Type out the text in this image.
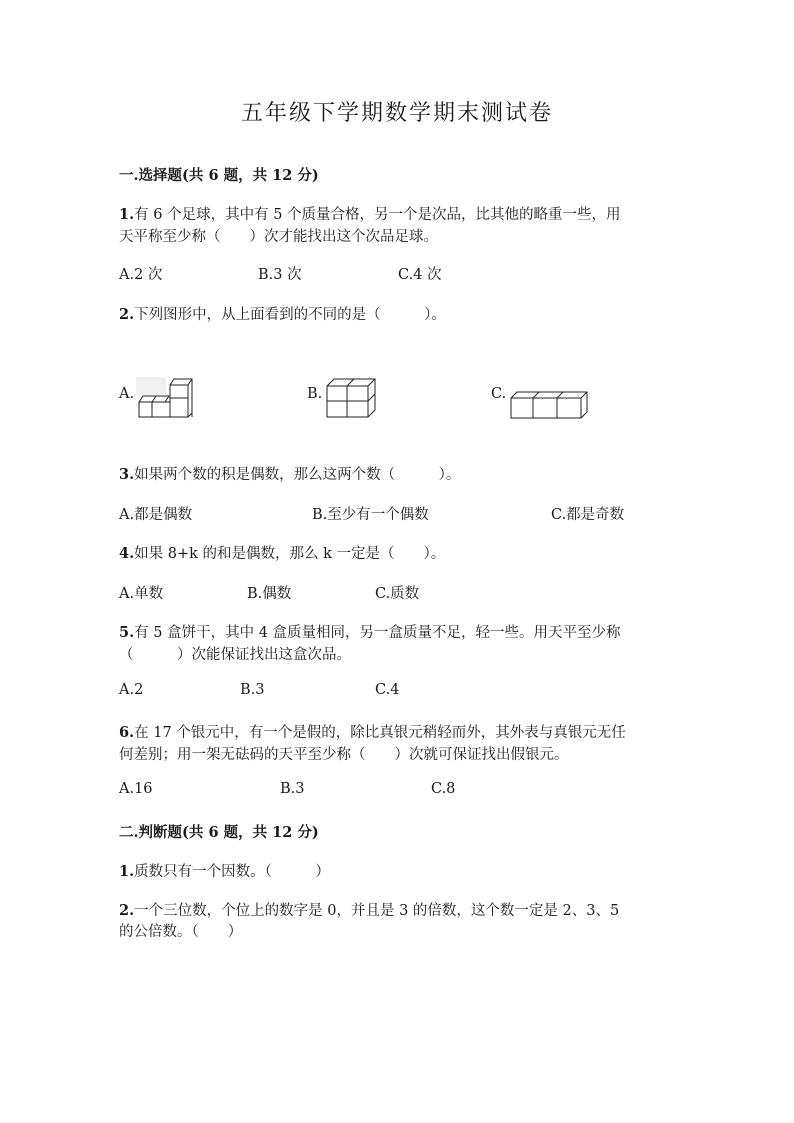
五年级下学期数学期末测试卷
一.选择题(共 6 题，共 12 分)
1.有 6 个足球，其中有 5 个质量合格，另一个是次品，比其他的略重一些，用
天平称至少称（　　）次才能找出这个次品足球。
A.2 次	B.3 次	C.4 次
2.下列图形中，从上面看到的不同的是（　　　）。
A.	B.	C.
3.如果两个数的积是偶数，那么这两个数（　　　）。
A.都是偶数	B.至少有一个偶数	C.都是奇数
4.如果 8+k 的和是偶数，那么 k 一定是（　　）。
A.单数	B.偶数	C.质数
5.有 5 盒饼干，其中 4 盒质量相同，另一盒质量不足，轻一些。用天平至少称
（　　　）次能保证找出这盒次品。
A.2	B.3	C.4
6.在 17 个银元中，有一个是假的，除比真银元稍轻而外，其外表与真银元无任
何差别；用一架无砝码的天平至少称（　　）次就可保证找出假银元。
A.16	B.3	C.8
二.判断题(共 6 题，共 12 分)
1.质数只有一个因数。（　　　）
2.一个三位数，个位上的数字是 0，并且是 3 的倍数，这个数一定是 2、3、5
的公倍数。（　　）
